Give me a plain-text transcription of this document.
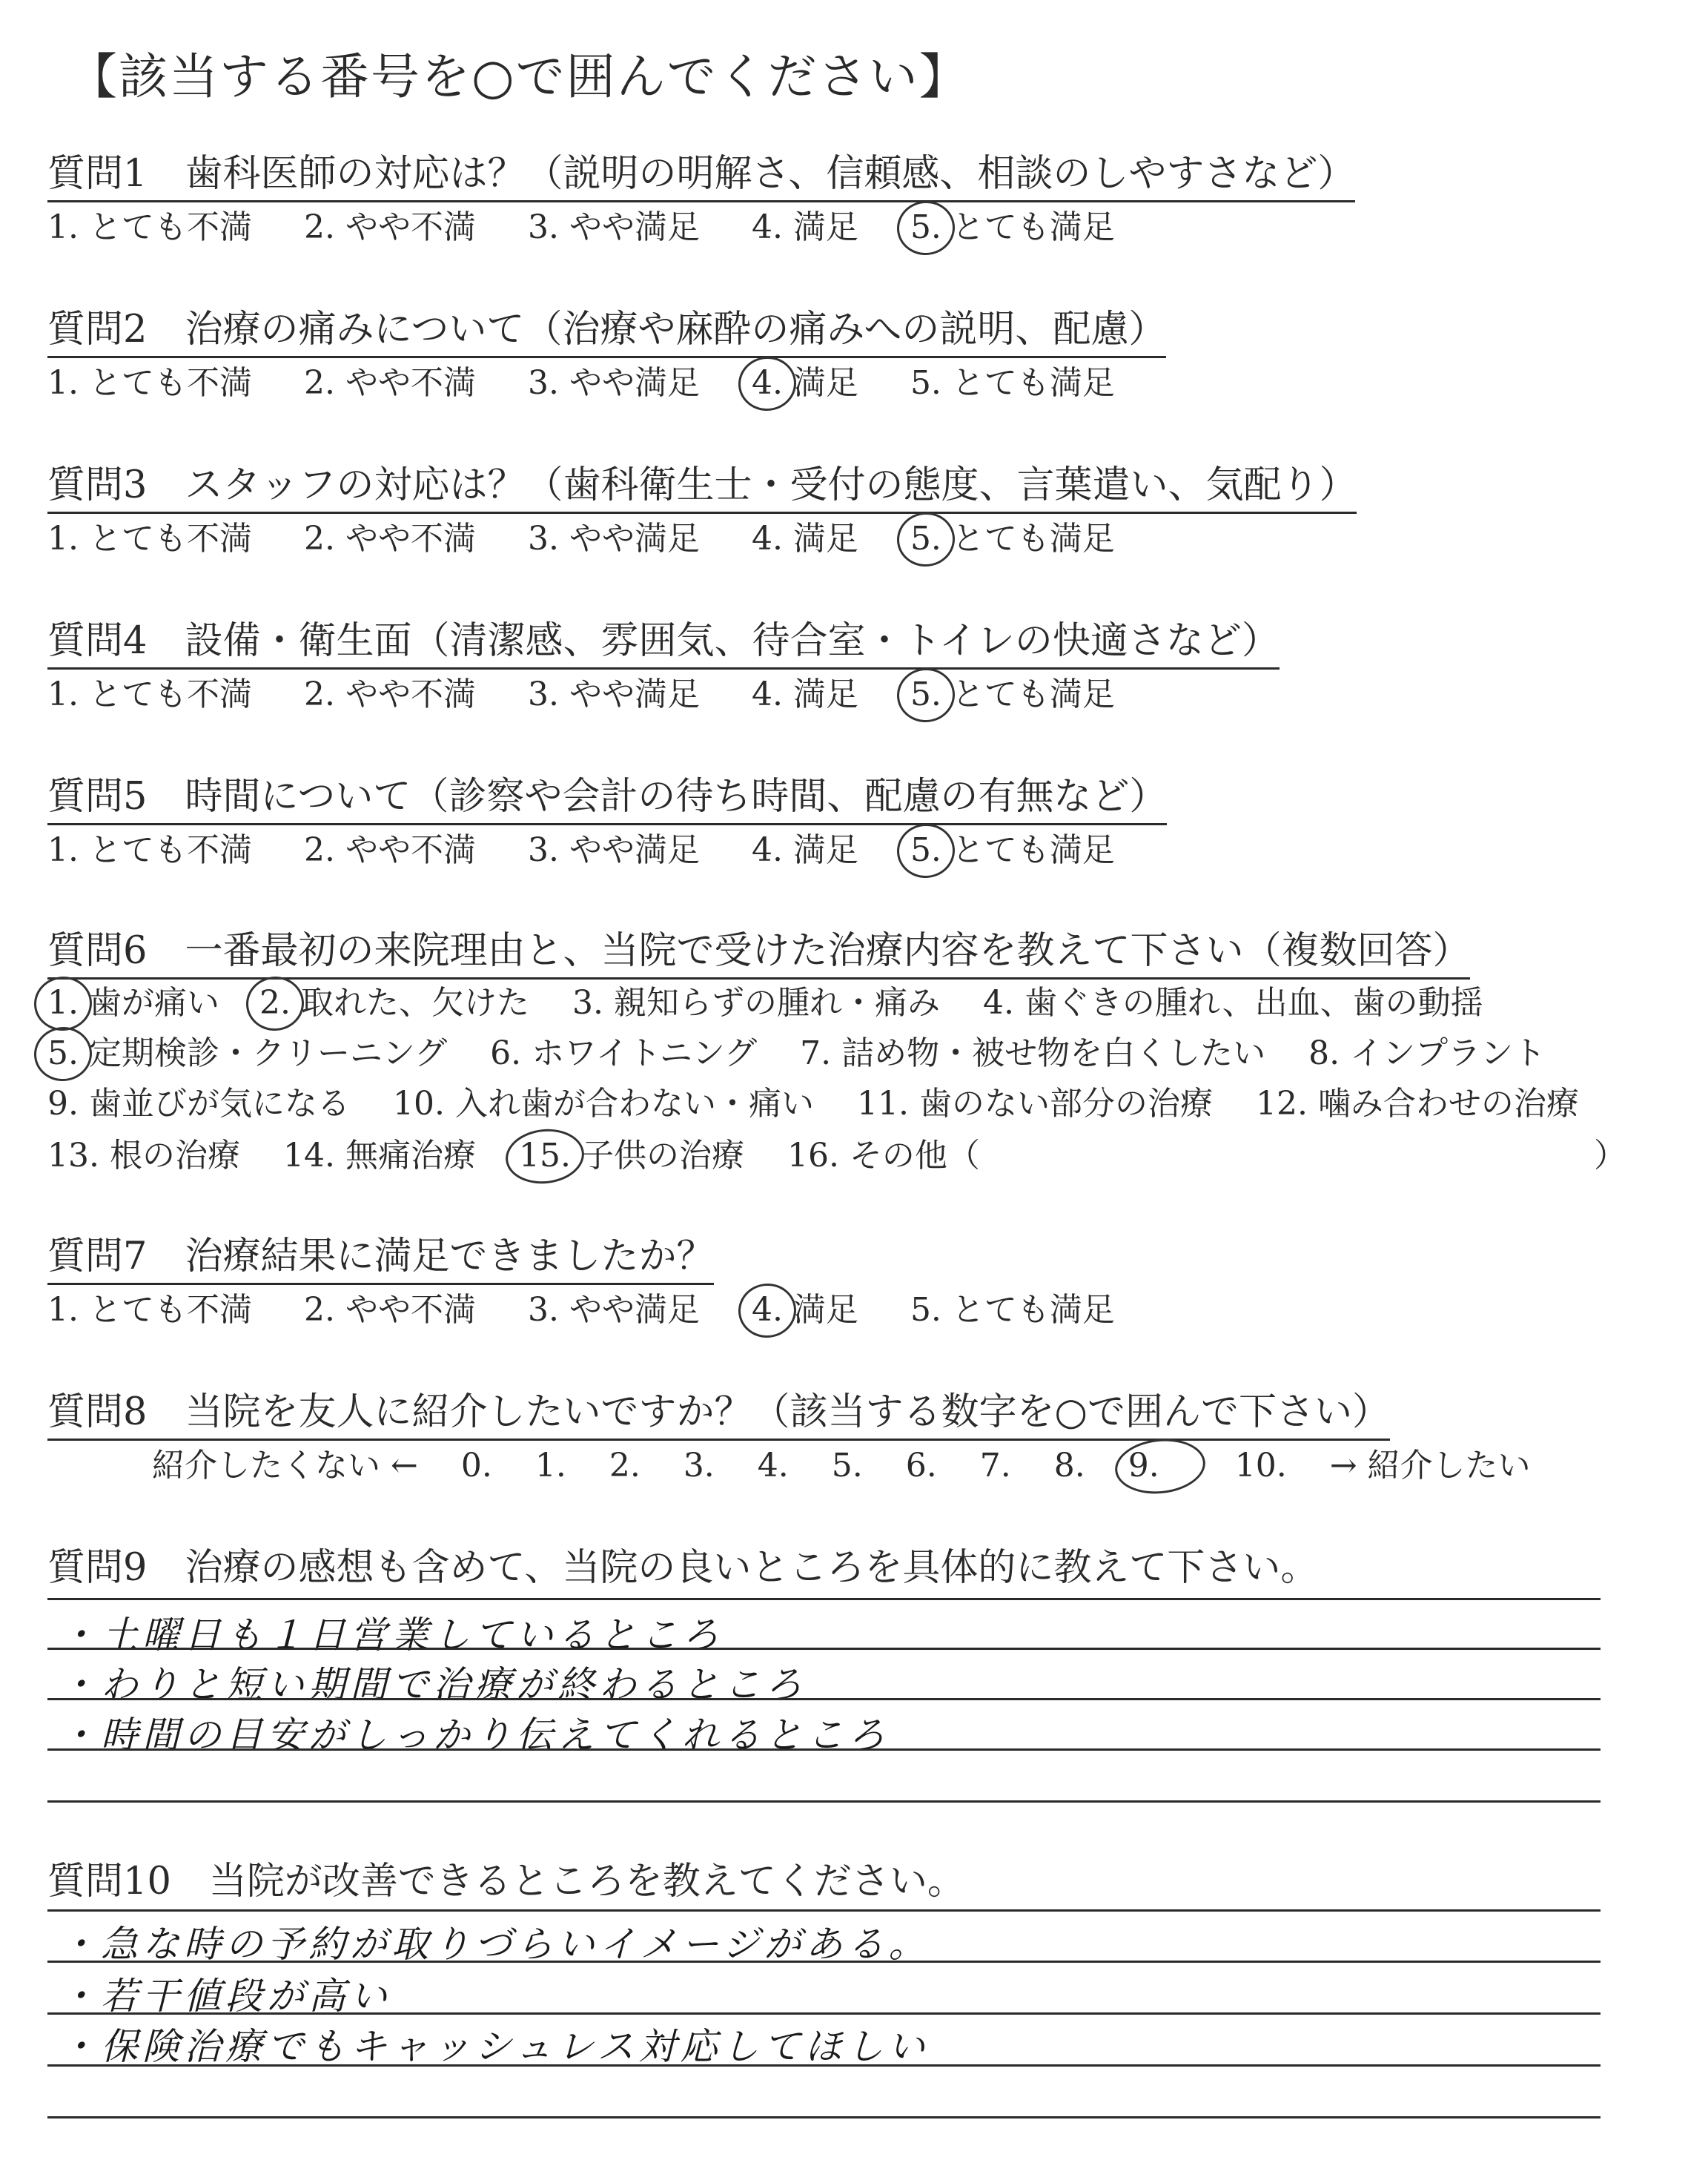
【該当する番号を○で囲んでください】
質問1　歯科医師の対応は？（説明の明解さ、信頼感、相談のしやすさなど）
1. とても不満 2. やや不満 3. やや満足 4. 満足 5. とても満足
質問2　治療の痛みについて（治療や麻酔の痛みへの説明、配慮）
1. とても不満 2. やや不満 3. やや満足 4. 満足 5. とても満足
質問3　スタッフの対応は？（歯科衛生士・受付の態度、言葉遣い、気配り）
1. とても不満 2. やや不満 3. やや満足 4. 満足 5. とても満足
質問4　設備・衛生面（清潔感、雰囲気、待合室・トイレの快適さなど）
1. とても不満 2. やや不満 3. やや満足 4. 満足 5. とても満足
質問5　時間について（診察や会計の待ち時間、配慮の有無など）
1. とても不満 2. やや不満 3. やや満足 4. 満足 5. とても満足
質問6　一番最初の来院理由と、当院で受けた治療内容を教えて下さい（複数回答）
1. 歯が痛い 2. 取れた、欠けた 3. 親知らずの腫れ・痛み 4. 歯ぐきの腫れ、出血、歯の動揺
5. 定期検診・クリーニング 6. ホワイトニング 7. 詰め物・被せ物を白くしたい 8. インプラント
9. 歯並びが気になる 10. 入れ歯が合わない・痛い 11. 歯のない部分の治療 12. 噛み合わせの治療
13. 根の治療 14. 無痛治療 15. 子供の治療 16. その他（	）
質問7　治療結果に満足できましたか？
1. とても不満 2. やや不満 3. やや満足 4. 満足 5. とても満足
質問8　当院を友人に紹介したいですか？（該当する数字を○で囲んで下さい）
紹介したくない ← 0. 1. 2. 3. 4. 5. 6. 7. 8. 9. 10. → 紹介したい
質問9　治療の感想も含めて、当院の良いところを具体的に教えて下さい。
・土曜日も１日営業しているところ
・わりと短い期間で治療が終わるところ
・時間の目安がしっかり伝えてくれるところ
質問10　当院が改善できるところを教えてください。
・急な時の予約が取りづらいイメージがある。
・若干値段が高い
・保険治療でもキャッシュレス対応してほしい
